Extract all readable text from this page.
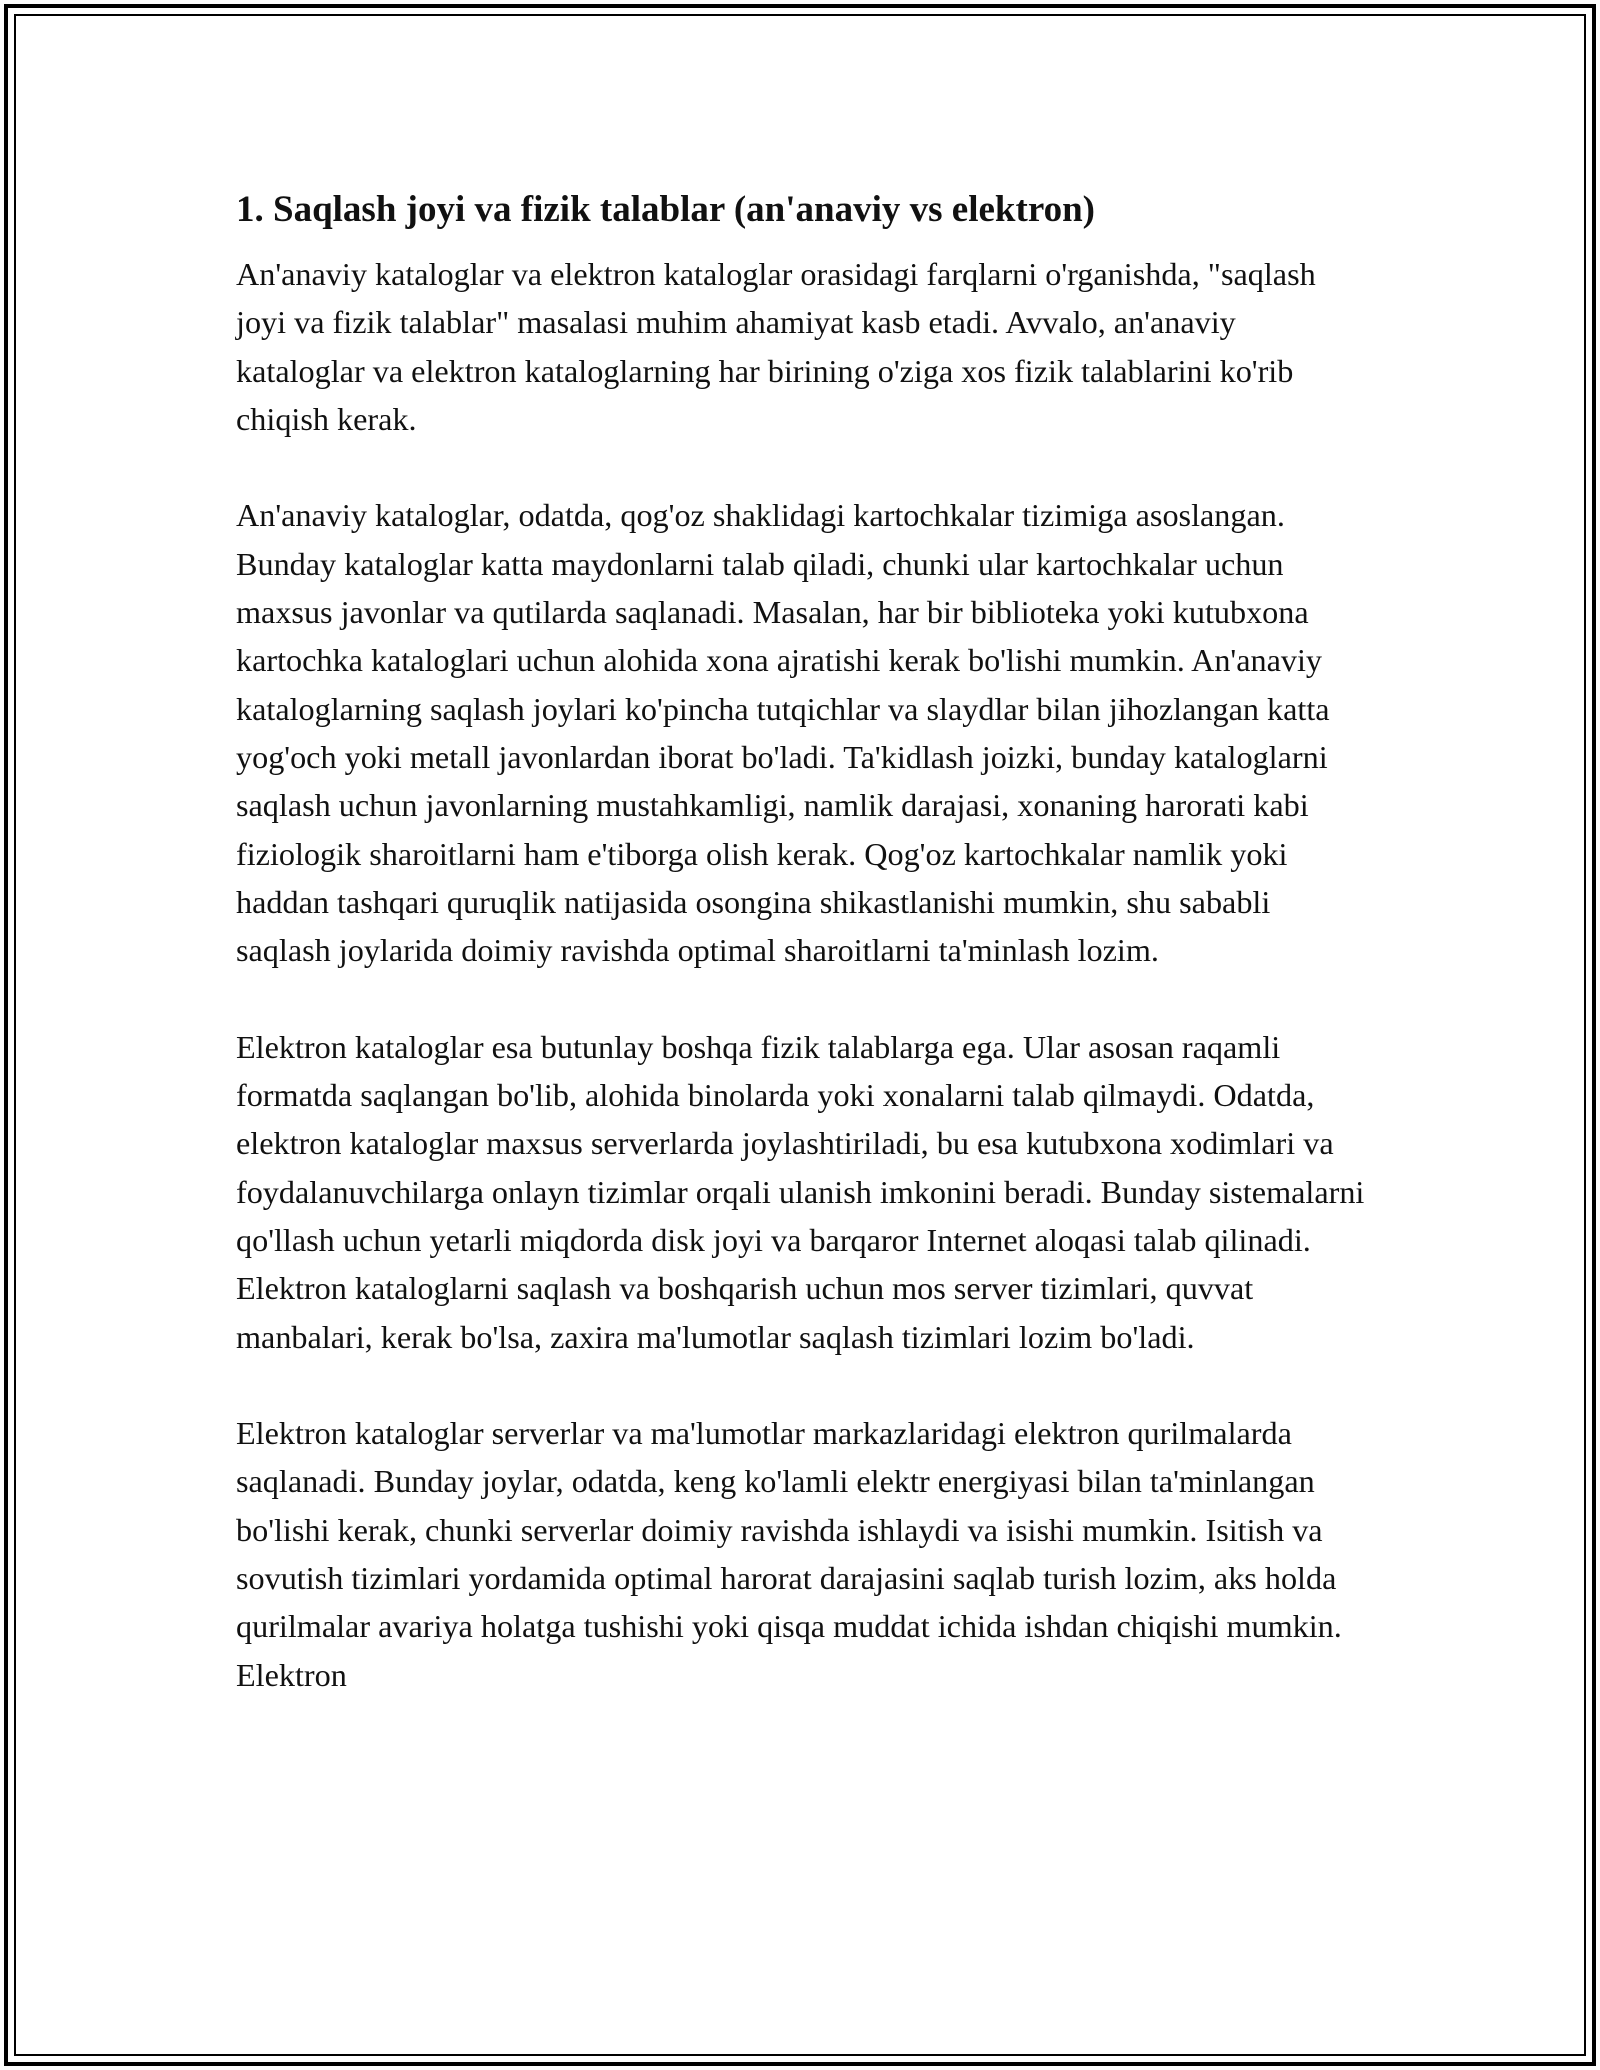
1. Saqlash joyi va fizik talablar (an'anaviy vs elektron)

An'anaviy kataloglar va elektron kataloglar orasidagi farqlarni o'rganishda, "saqlash joyi va fizik talablar" masalasi muhim ahamiyat kasb etadi. Avvalo, an'anaviy kataloglar va elektron kataloglarning har birining o'ziga xos fizik talablarini ko'rib chiqish kerak.

An'anaviy kataloglar, odatda, qog'oz shaklidagi kartochkalar tizimiga asoslangan. Bunday kataloglar katta maydonlarni talab qiladi, chunki ular kartochkalar uchun maxsus javonlar va qutilarda saqlanadi. Masalan, har bir biblioteka yoki kutubxona kartochka kataloglari uchun alohida xona ajratishi kerak bo'lishi mumkin. An'anaviy kataloglarning saqlash joylari ko'pincha tutqichlar va slaydlar bilan jihozlangan katta yog'och yoki metall javonlardan iborat bo'ladi. Ta'kidlash joizki, bunday kataloglarni saqlash uchun javonlarning mustahkamligi, namlik darajasi, xonaning harorati kabi fiziologik sharoitlarni ham e'tiborga olish kerak. Qog'oz kartochkalar namlik yoki haddan tashqari quruqlik natijasida osongina shikastlanishi mumkin, shu sababli saqlash joylarida doimiy ravishda optimal sharoitlarni ta'minlash lozim.

Elektron kataloglar esa butunlay boshqa fizik talablarga ega. Ular asosan raqamli formatda saqlangan bo'lib, alohida binolarda yoki xonalarni talab qilmaydi. Odatda, elektron kataloglar maxsus serverlarda joylashtiriladi, bu esa kutubxona xodimlari va foydalanuvchilarga onlayn tizimlar orqali ulanish imkonini beradi. Bunday sistemalarni qo'llash uchun yetarli miqdorda disk joyi va barqaror Internet aloqasi talab qilinadi. Elektron kataloglarni saqlash va boshqarish uchun mos server tizimlari, quvvat manbalari, kerak bo'lsa, zaxira ma'lumotlar saqlash tizimlari lozim bo'ladi.

Elektron kataloglar serverlar va ma'lumotlar markazlaridagi elektron qurilmalarda saqlanadi. Bunday joylar, odatda, keng ko'lamli elektr energiyasi bilan ta'minlangan bo'lishi kerak, chunki serverlar doimiy ravishda ishlaydi va isishi mumkin. Isitish va sovutish tizimlari yordamida optimal harorat darajasini saqlab turish lozim, aks holda qurilmalar avariya holatga tushishi yoki qisqa muddat ichida ishdan chiqishi mumkin. Elektron
